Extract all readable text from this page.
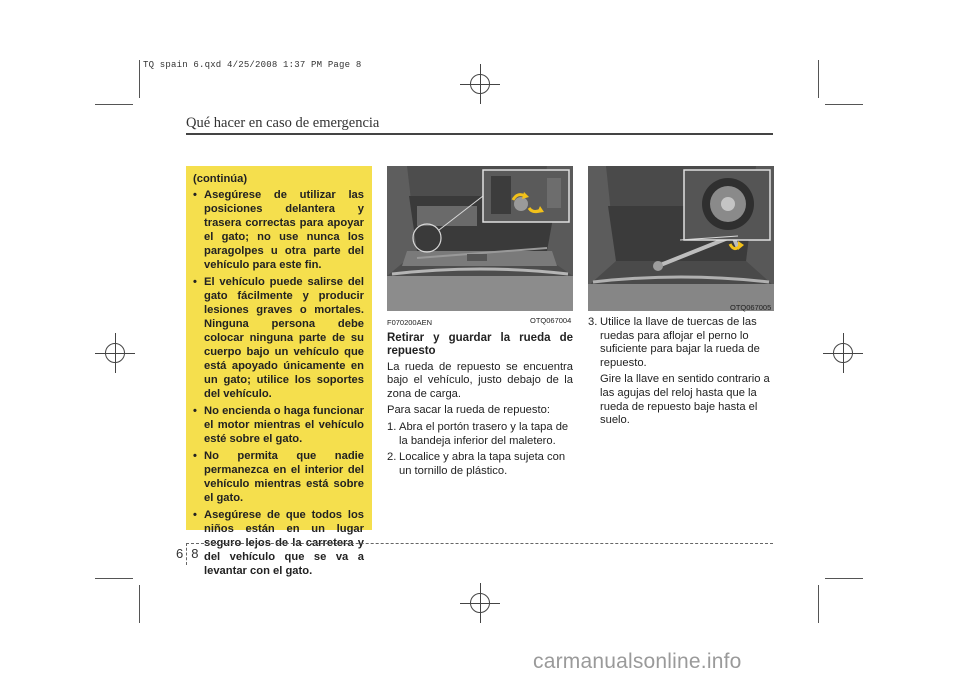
TQ spain 6.qxd 4/25/2008 1:37 PM Page 8
Qué hacer en caso de emergencia

(continúa)

• Asegúrese de utilizar las posiciones delantera y trasera correctas para apoyar el gato; no use nunca los paragolpes u otra parte del vehículo para este fin.
• El vehículo puede salirse del gato fácilmente y producir lesiones graves o mortales. Ninguna persona debe colocar ninguna parte de su cuerpo bajo un vehículo que está apoyado únicamente en un gato; utilice los soportes del vehículo.
• No encienda o haga funcionar el motor mientras el vehículo esté sobre el gato.
• No permita que nadie permanezca en el interior del vehículo mientras está sobre el gato.
• Asegúrese de que todos los niños están en un lugar seguro lejos de la carretera y del vehículo que se va a levantar con el gato.
OTQ067004
OTQ067005
F070200AEN

Retirar y guardar la rueda de repuesto

La rueda de repuesto se encuentra bajo el vehículo, justo debajo de la zona de carga.

Para sacar la rueda de repuesto:

1. Abra el portón trasero y la tapa de la bandeja inferior del maletero.

2. Localice y abra la tapa sujeta con un tornillo de plástico.

3. Utilice la llave de tuercas de las ruedas para aflojar el perno lo suficiente para bajar la rueda de repuesto.

Gire la llave en sentido contrario a las agujas del reloj hasta que la rueda de repuesto baje hasta el suelo.

6 8
carmanualsonline.info
